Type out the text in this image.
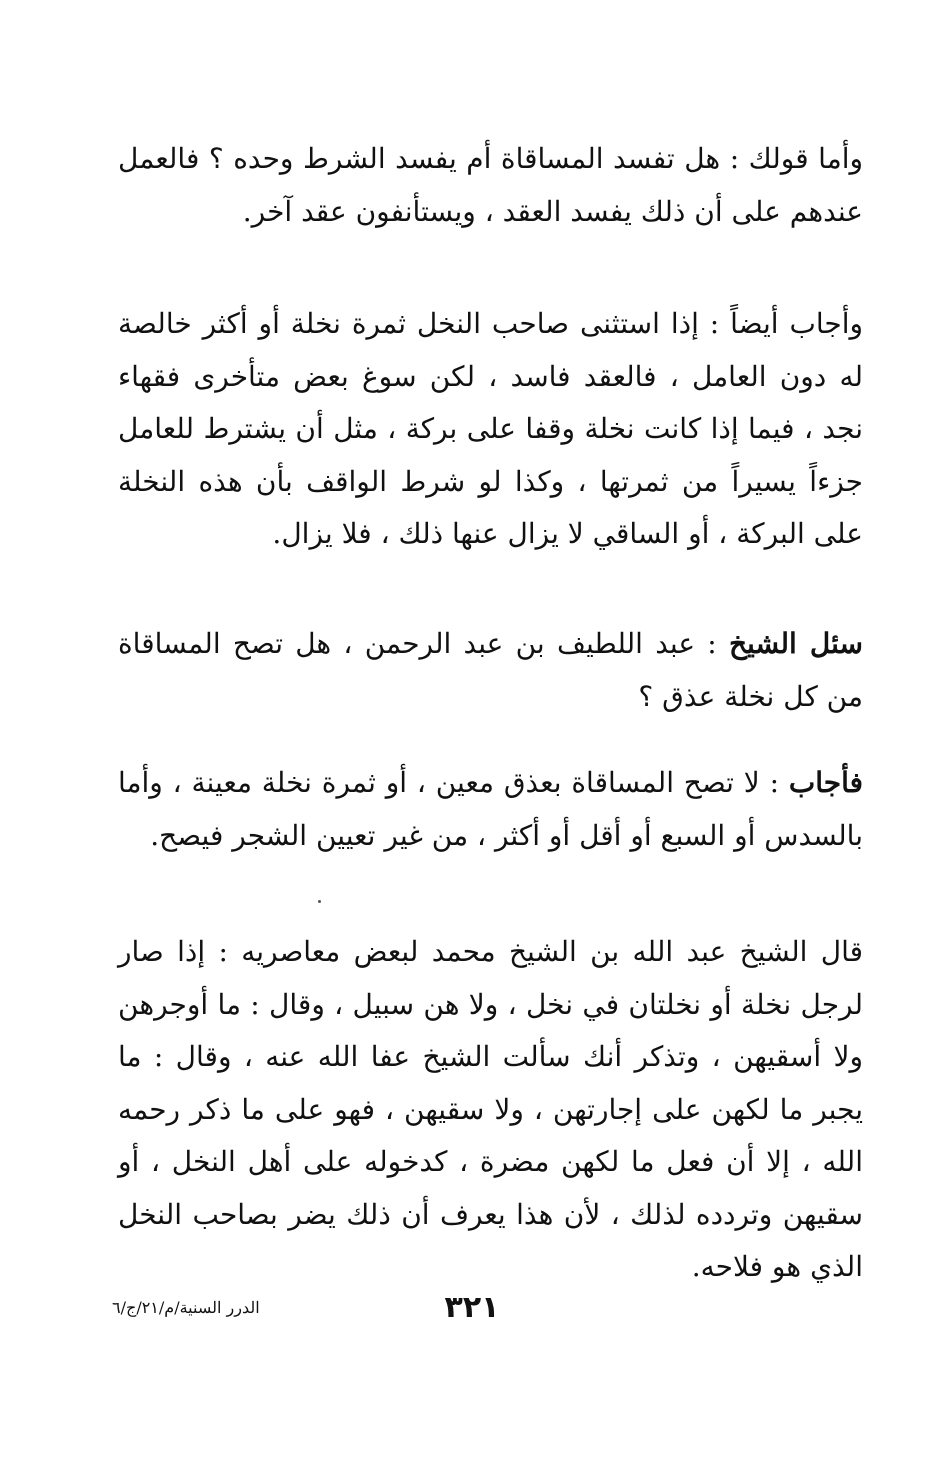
وأما قولك : هل تفسد المساقاة أم يفسد الشرط وحده ؟ فالعمل عندهم على أن ذلك يفسد العقد ، ويستأنفون عقد آخر.

وأجاب أيضاً : إذا استثنى صاحب النخل ثمرة نخلة أو أكثر خالصة له دون العامل ، فالعقد فاسد ، لكن سوغ بعض متأخرى فقهاء نجد ، فيما إذا كانت نخلة وقفا على بركة ، مثل أن يشترط للعامل جزءاً يسيراً من ثمرتها ، وكذا لو شرط الواقف بأن هذه النخلة على البركة ، أو الساقي لا يزال عنها ذلك ، فلا يزال.

سئل الشيخ : عبد اللطيف بن عبد الرحمن ، هل تصح المساقاة من كل نخلة عذق ؟

فأجاب : لا تصح المساقاة بعذق معين ، أو ثمرة نخلة معينة ، وأما بالسدس أو السبع أو أقل أو أكثر ، من غير تعيين الشجر فيصح.

قال الشيخ عبد الله بن الشيخ محمد لبعض معاصريه : إذا صار لرجل نخلة أو نخلتان في نخل ، ولا هن سبيل ، وقال : ما أوجرهن ولا أسقيهن ، وتذكر أنك سألت الشيخ عفا الله عنه ، وقال : ما يجبر ما لكهن على إجارتهن ، ولا سقيهن ، فهو على ما ذكر رحمه الله ، إلا أن فعل ما لكهن مضرة ، كدخوله على أهل النخل ، أو سقيهن وتردده لذلك ، لأن هذا يعرف أن ذلك يضر بصاحب النخل الذي هو فلاحه.

٣٢١
الدرر السنية/م/٢١/ج/٦
